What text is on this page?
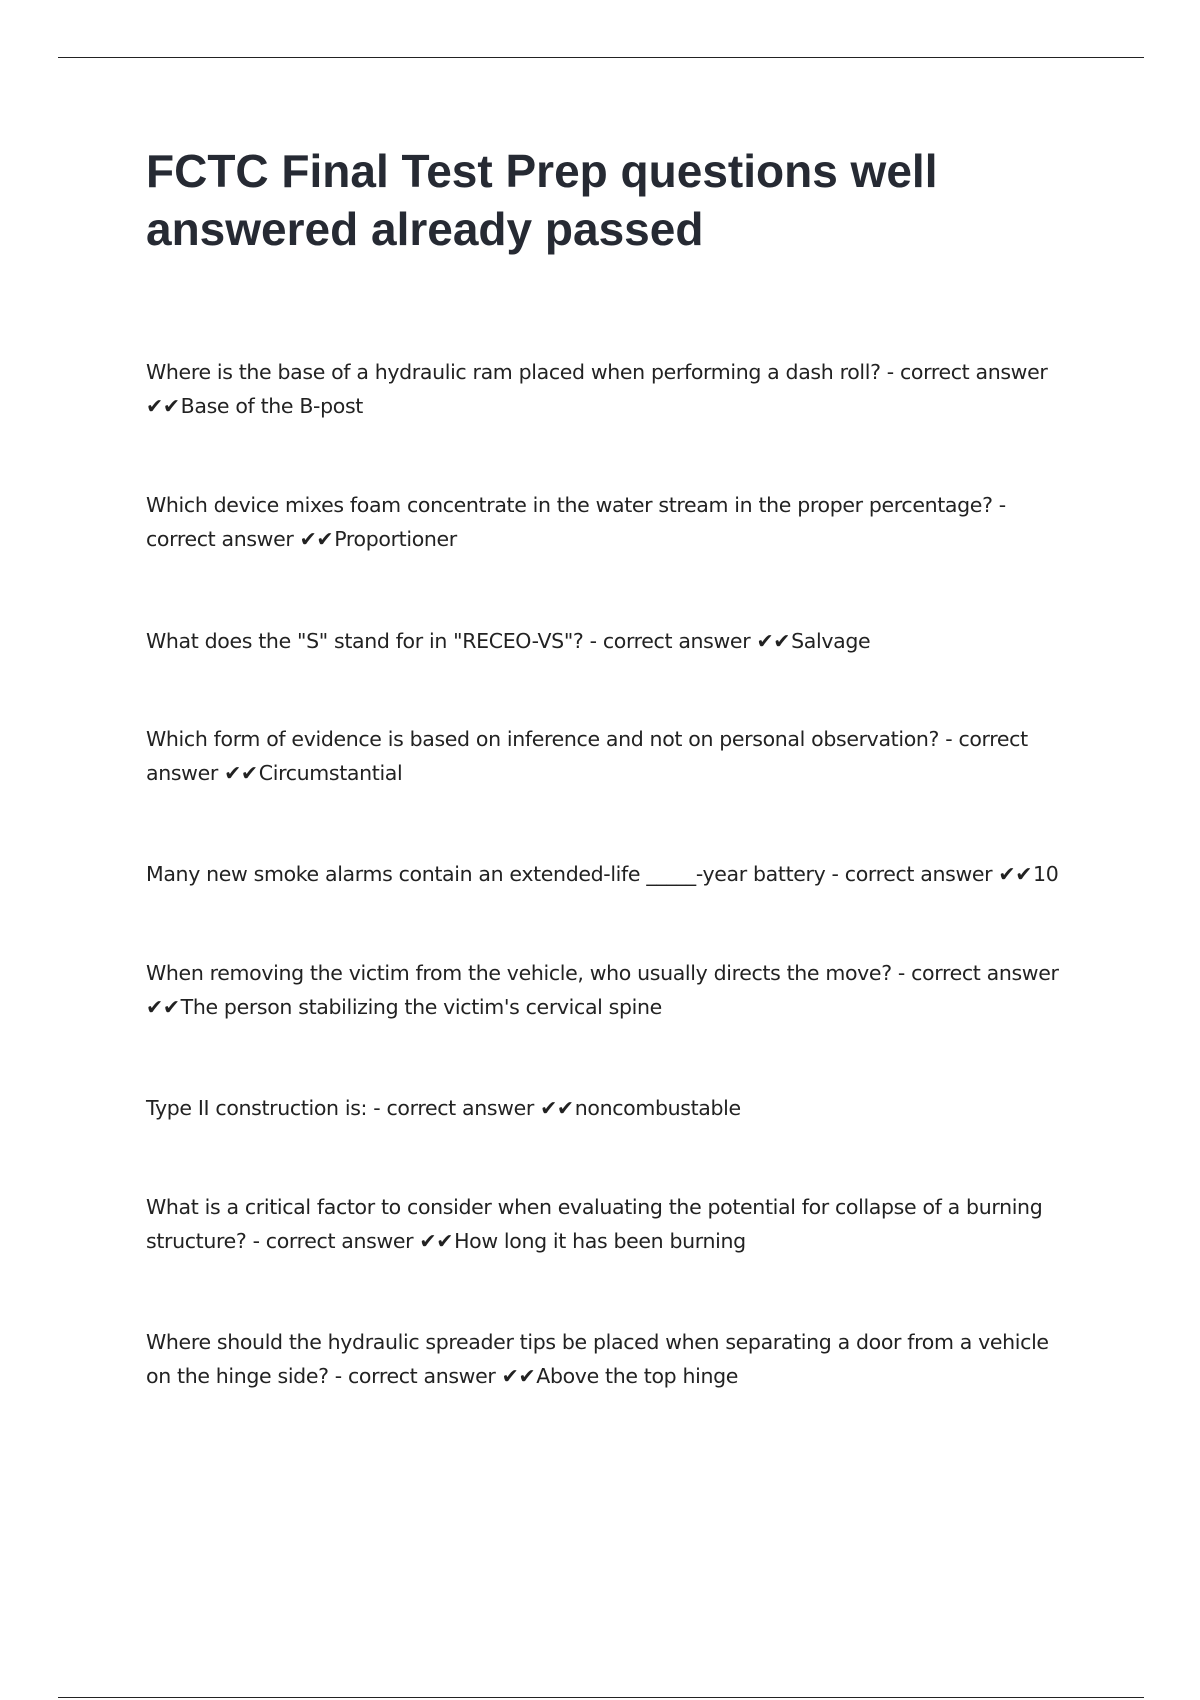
FCTC Final Test Prep questions well answered already passed

Where is the base of a hydraulic ram placed when performing a dash roll? - correct answer ✔✔Base of the B-post

Which device mixes foam concentrate in the water stream in the proper percentage? - correct answer ✔✔Proportioner

What does the "S" stand for in "RECEO-VS"? - correct answer ✔✔Salvage

Which form of evidence is based on inference and not on personal observation? - correct answer ✔✔Circumstantial

Many new smoke alarms contain an extended-life _____-year battery - correct answer ✔✔10

When removing the victim from the vehicle, who usually directs the move? - correct answer ✔✔The person stabilizing the victim's cervical spine

Type II construction is: - correct answer ✔✔noncombustable

What is a critical factor to consider when evaluating the potential for collapse of a burning structure? - correct answer ✔✔How long it has been burning

Where should the hydraulic spreader tips be placed when separating a door from a vehicle on the hinge side? - correct answer ✔✔Above the top hinge
